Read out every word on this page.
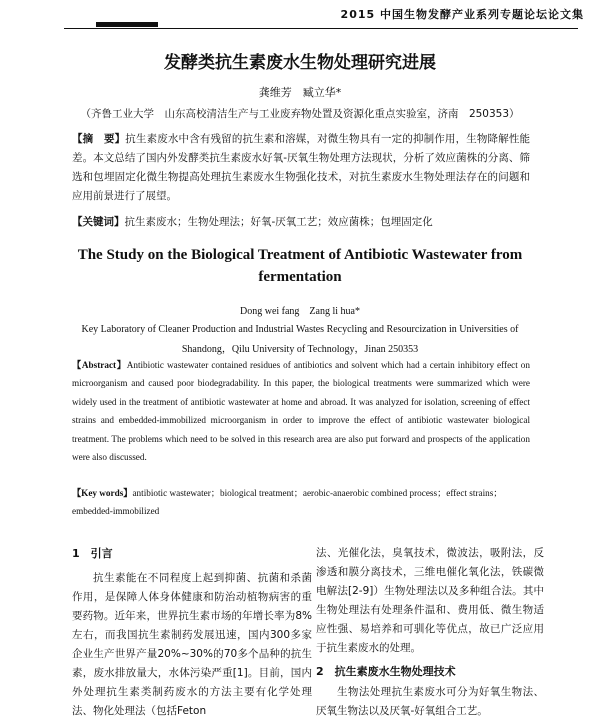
2015 中国生物发酵产业系列专题论坛论文集
发酵类抗生素废水生物处理研究进展
龚维芳　臧立华*
（齐鲁工业大学　山东高校清洁生产与工业废弃物处置及资源化重点实验室，济南　250353）
【摘　要】抗生素废水中含有残留的抗生素和溶媒，对微生物具有一定的抑制作用，生物降解性能差。本文总结了国内外发酵类抗生素废水好氧-厌氧生物处理方法现状，分析了效应菌株的分离、筛选和包埋固定化微生物提高处理抗生素废水生物强化技术，对抗生素废水生物处理法存在的问题和应用前景进行了展望。
【关键词】抗生素废水；生物处理法；好氧-厌氧工艺；效应菌株；包埋固定化
The Study on the Biological Treatment of Antibiotic Wastewater from fermentation
Dong wei fang　Zang li hua*
Key Laboratory of Cleaner Production and Industrial Wastes Recycling and Resourcization in Universities of Shandong，Qilu University of Technology，Jinan 250353
【Abstract】Antibiotic wastewater contained residues of antibiotics and solvent which had a certain inhibitory effect on microorganism and caused poor biodegradability. In this paper, the biological treatments were summarized which were widely used in the treatment of antibiotic wastewater at home and abroad. It was analyzed for isolation, screening of effect strains and embedded-immobilized microorganism in order to improve the effect of antibiotic wastewater biological treatment. The problems which need to be solved in this research area are also put forward and prospects of the application were also discussed.
【Key words】antibiotic wastewater；biological treatment；aerobic-anaerobic combined process；effect strains；embedded-immobilized
1　引言

抗生素能在不同程度上起到抑菌、抗菌和杀菌作用，是保障人体身体健康和防治动植物病害的重要药物。近年来，世界抗生素市场的年增长率为8%左右，而我国抗生素制药发展迅速，国内300多家企业生产世界产量20%~30%的70多个品种的抗生素，废水排放量大，水体污染严重[1]。目前，国内外处理抗生素类制药废水的方法主要有化学处理法、物化处理法（包括Feton

法、光催化法，臭氧技术，微波法，吸附法，反渗透和膜分离技术，三维电催化氧化法，铁碳微电解法[2-9]）生物处理法以及多种组合法。其中生物处理法有处理条件温和、费用低、微生物适应性强、易培养和可驯化等优点，故已广泛应用于抗生素废水的处理。

2　抗生素废水生物处理技术

生物法处理抗生素废水可分为好氧生物法、厌氧生物法以及厌氧-好氧组合工艺。
